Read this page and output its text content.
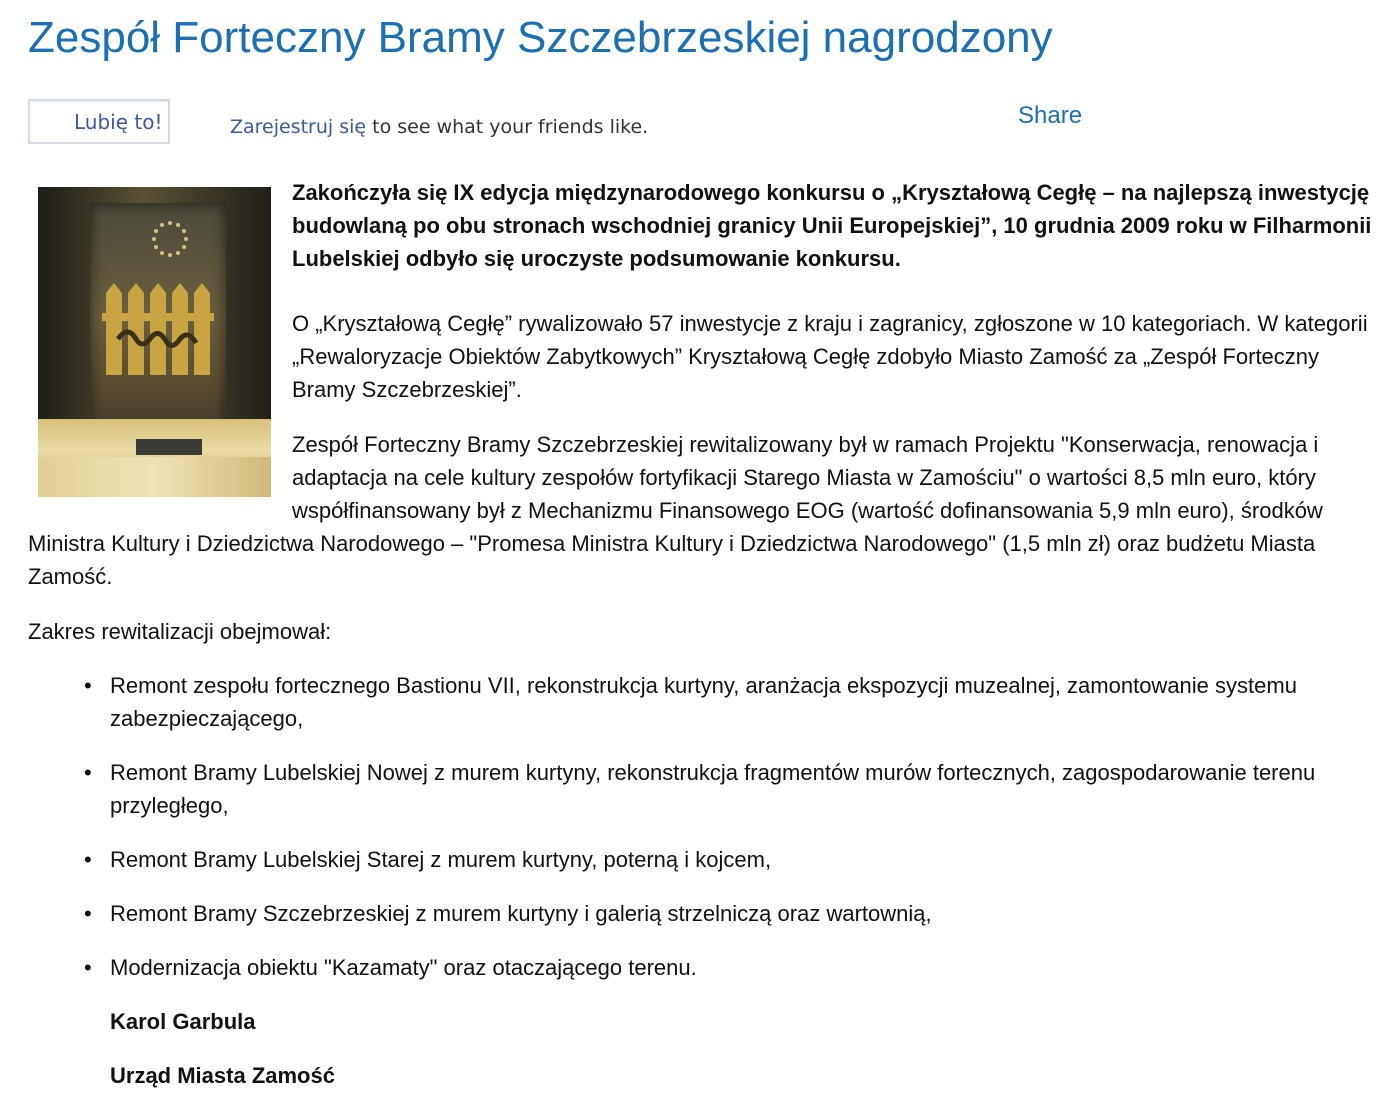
Zespół Forteczny Bramy Szczebrzeskiej nagrodzony
Lubię to!	Zarejestruj się to see what your friends like.	Share

Zakończyła się IX edycja międzynarodowego konkursu o „Kryształową Cegłę – na najlepszą inwestycję budowlaną po obu stronach wschodniej granicy Unii Europejskiej”, 10 grudnia 2009 roku w Filharmonii Lubelskiej odbyło się uroczyste podsumowanie konkursu.

O „Kryształową Cegłę” rywalizowało 57 inwestycje z kraju i zagranicy, zgłoszone w 10 kategoriach. W kategorii „Rewaloryzacje Obiektów Zabytkowych” Kryształową Cegłę zdobyło Miasto Zamość za „Zespół Forteczny Bramy Szczebrzeskiej”.

Zespół Forteczny Bramy Szczebrzeskiej rewitalizowany był w ramach Projektu "Konserwacja, renowacja i adaptacja na cele kultury zespołów fortyfikacji Starego Miasta w Zamościu" o wartości 8,5 mln euro, który współfinansowany był z Mechanizmu Finansowego EOG (wartość dofinansowania 5,9 mln euro), środków Ministra Kultury i Dziedzictwa Narodowego – "Promesa Ministra Kultury i Dziedzictwa Narodowego" (1,5 mln zł) oraz budżetu Miasta Zamość.

Zakres rewitalizacji obejmował:

• Remont zespołu fortecznego Bastionu VII, rekonstrukcja kurtyny, aranżacja ekspozycji muzealnej, zamontowanie systemu zabezpieczającego,
• Remont Bramy Lubelskiej Nowej z murem kurtyny, rekonstrukcja fragmentów murów fortecznych, zagospodarowanie terenu przyległego,
• Remont Bramy Lubelskiej Starej z murem kurtyny, poterną i kojcem,
• Remont Bramy Szczebrzeskiej z murem kurtyny i galerią strzelniczą oraz wartownią,
• Modernizacja obiektu "Kazamaty" oraz otaczającego terenu.

Karol Garbula

Urząd Miasta Zamość
